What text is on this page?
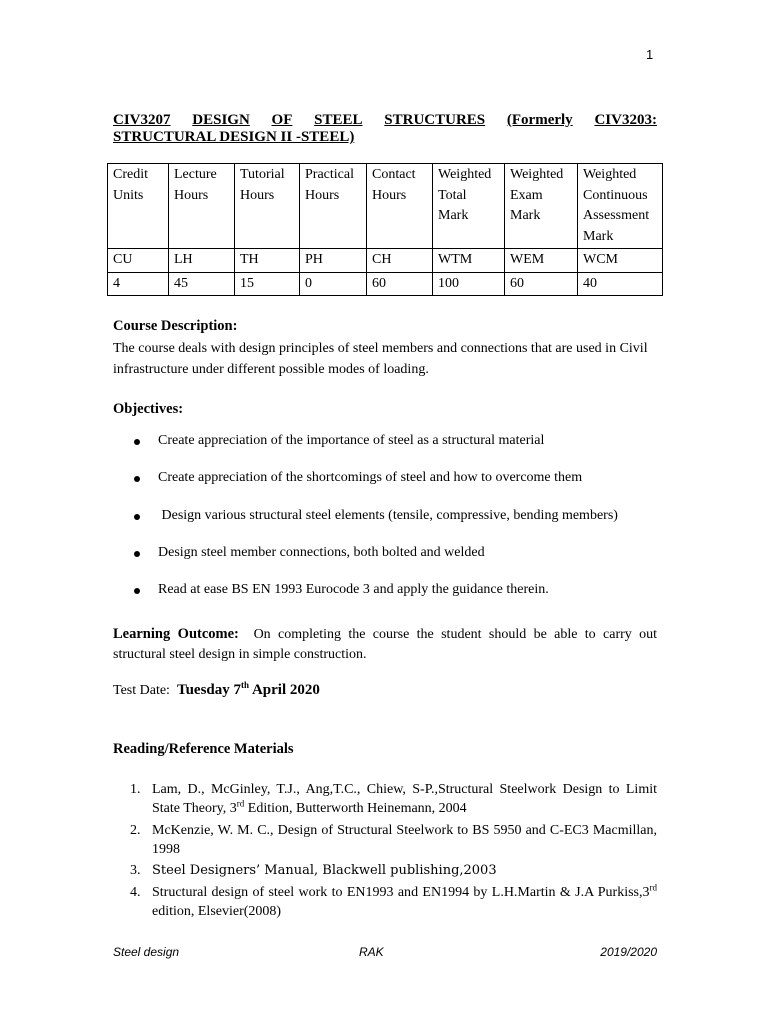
1
CIV3207 DESIGN OF STEEL STRUCTURES (Formerly CIV3203:
STRUCTURAL DESIGN II -STEEL)
Credit
Units	Lecture
Hours	Tutorial
Hours	Practical
Hours	Contact
Hours	Weighted
Total
Mark	Weighted
Exam
Mark	Weighted
Continuous
Assessment
Mark
CU	LH	TH	PH	CH	WTM	WEM	WCM
4	45	15	0	60	100	60	40
Course Description:
The course deals with design principles of steel members and connections that are used in Civil infrastructure under different possible modes of loading.
Objectives:
Create appreciation of the importance of steel as a structural material
Create appreciation of the shortcomings of steel and how to overcome them
Design various structural steel elements (tensile, compressive, bending members)
Design steel member connections, both bolted and welded
Read at ease BS EN 1993 Eurocode 3 and apply the guidance therein.
Learning Outcome: On completing the course the student should be able to carry out structural steel design in simple construction.
Test Date: Tuesday 7th April 2020
Reading/Reference Materials
1. Lam, D., McGinley, T.J., Ang,T.C., Chiew, S-P.,Structural Steelwork Design to Limit State Theory, 3rd Edition, Butterworth Heinemann, 2004
2. McKenzie, W. M. C., Design of Structural Steelwork to BS 5950 and C-EC3 Macmillan, 1998
3. Steel Designers’ Manual, Blackwell publishing,2003
4. Structural design of steel work to EN1993 and EN1994 by L.H.Martin & J.A Purkiss,3rd edition, Elsevier(2008)
Steel design	RAK	2019/2020
